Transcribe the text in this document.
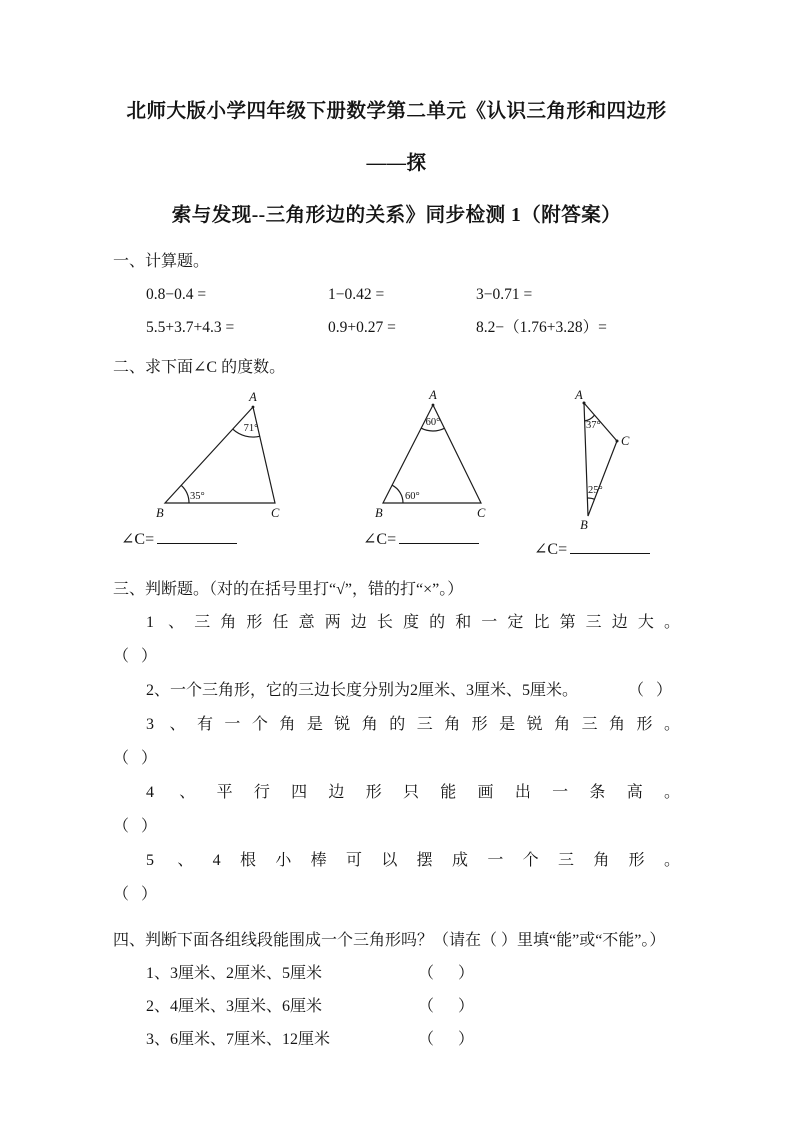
北师大版小学四年级下册数学第二单元《认识三角形和四边形——探
索与发现--三角形边的关系》同步检测 1（附答案）
一、计算题。
0.8−0.4 =	1−0.42 =	3−0.71 =
5.5+3.7+4.3 =	0.9+0.27 =	8.2−（1.76+3.28）=
二、求下面∠C 的度数。
71°
35°
A
B	C
∠C=
60°
60°
A
B	C
∠C=
37°
25°
A
B
C
∠C=
三、判断题。（对的在括号里打“√”，错的打“×”。）
1 、三角形任意两边长度的和一定比第三边大。
（   ）
2、一个三角形，它的三边长度分别为2厘米、3厘米、5厘米。	（   ）
3 、有一个角是锐角的三角形是锐角三角形。
（   ）
4 、平行四边形只能画出一条高。
（   ）
5 、4根小棒可以摆成一个三角形。
（   ）
四、判断下面各组线段能围成一个三角形吗？（请在（ ）里填“能”或“不能”。）
1、3厘米、2厘米、5厘米	（      ）
2、4厘米、3厘米、6厘米	（      ）
3、6厘米、7厘米、12厘米	（      ）
